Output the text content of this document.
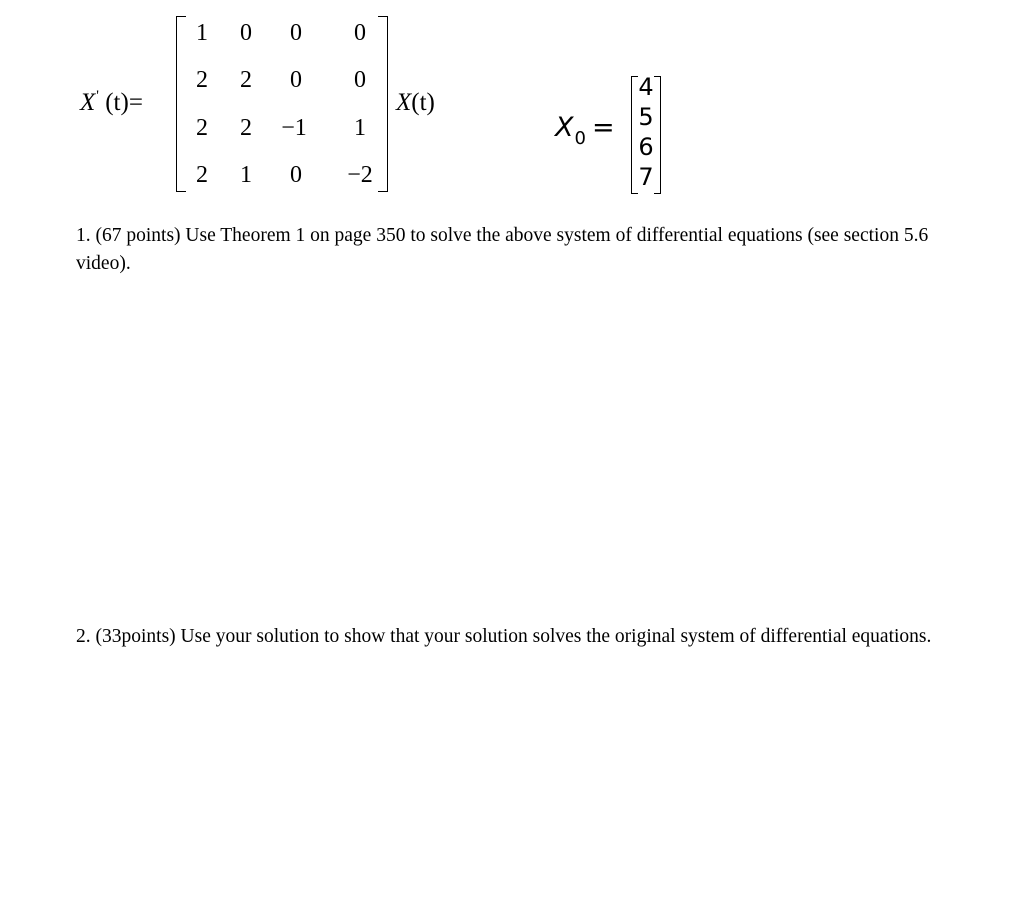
X' (t)=
1 0 0 0
2 2 0 0
2 2 −1 1
2 1 0 −2
X(t)
$X_0$ =
4
5
6
7
1. (67 points) Use Theorem 1 on page 350 to solve the above system of differential equations (see section 5.6 video).
2. (33points) Use your solution to show that your solution solves the original system of differential equations.
